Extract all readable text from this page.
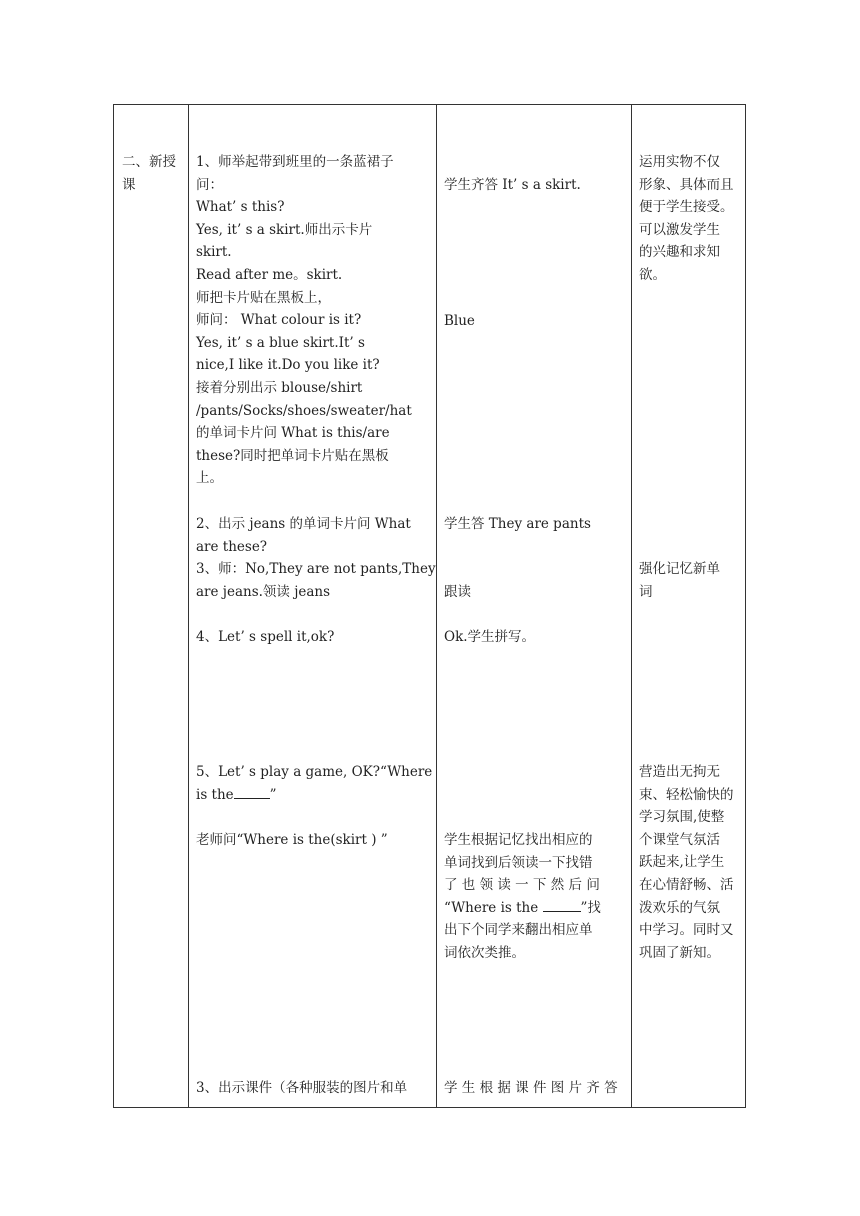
二、新授
课
1、师举起带到班里的一条蓝裙子
问：
What’ s this?
Yes, it’ s a skirt.师出示卡片
skirt.
Read after me。skirt.
师把卡片贴在黑板上，
师问： What colour is it?
Yes, it’ s a blue skirt.It’ s
nice,I like it.Do you like it?
接着分别出示 blouse/shirt
/pants/Socks/shoes/sweater/hat
的单词卡片问 What is this/are
these?同时把单词卡片贴在黑板
上。
2、出示 jeans 的单词卡片问 What
are these?
3、师：No,They are not pants,They
are jeans.领读 jeans
4、Let’ s spell it,ok?
5、Let’ s play a game, OK?“Where
is the	”
老师问“Where is the(skirt ) ”
3、出示课件（各种服装的图片和单
学生齐答 It’ s a skirt.
Blue
学生答 They are pants
跟读
Ok.学生拼写。
学生根据记忆找出相应的
单词找到后领读一下找错
了 也 领 读 一 下 然 后 问
“Where is the	”找
出下个同学来翻出相应单
词依次类推。
学 生 根 据 课 件 图 片 齐 答
运用实物不仅
形象、具体而且
便于学生接受。
可以激发学生
的兴趣和求知
欲。
强化记忆新单
词
营造出无拘无
束、轻松愉快的
学习氛围,使整
个课堂气氛活
跃起来,让学生
在心情舒畅、活
泼欢乐的气氛
中学习。同时又
巩固了新知。
